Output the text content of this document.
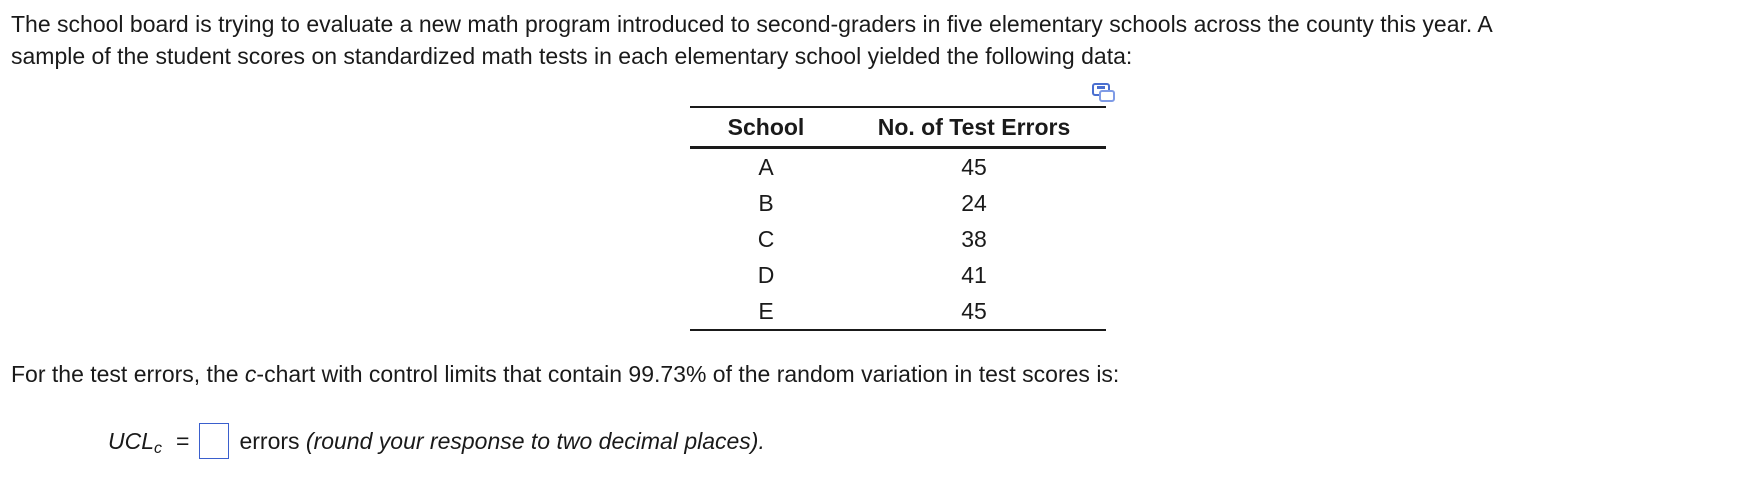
The school board is trying to evaluate a new math program introduced to second-graders in five elementary schools across the county this year. A
sample of the student scores on standardized math tests in each elementary school yielded the following data:

School	No. of Test Errors
A	45
B	24
C	38
D	41
E	45

For the test errors, the c-chart with control limits that contain 99.73% of the random variation in test scores is:

UCL c = errors
(round your response to two decimal places).
